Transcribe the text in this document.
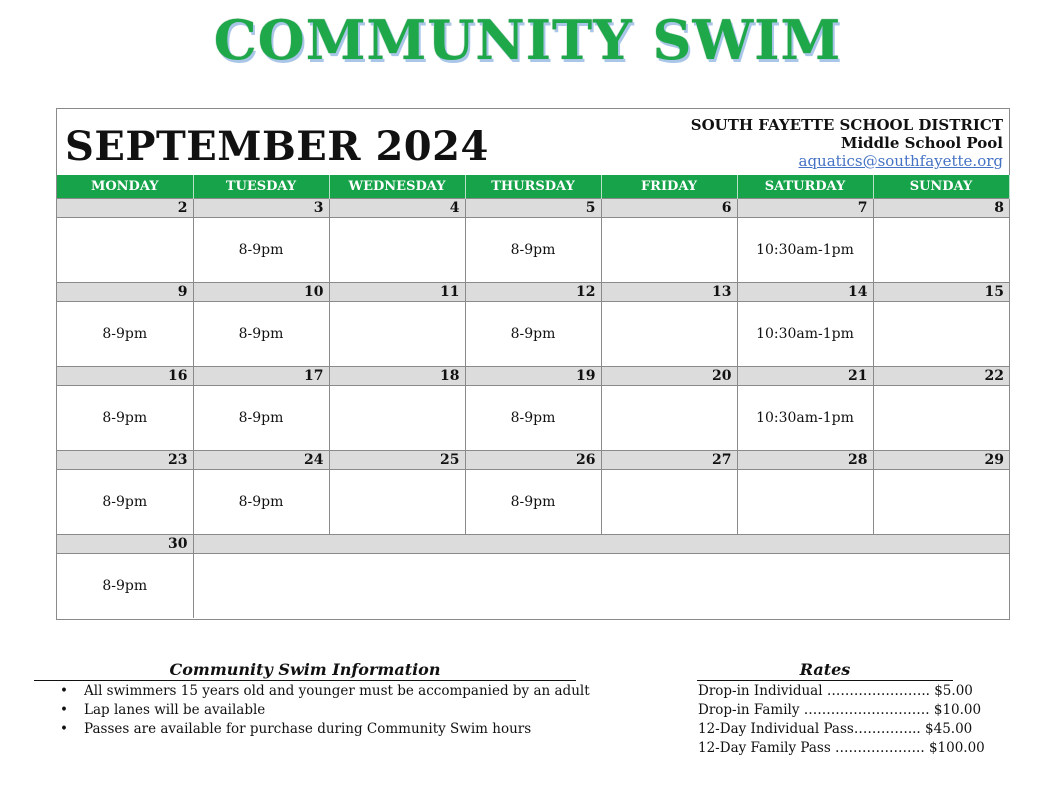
COMMUNITY SWIM
SEPTEMBER 2024	SOUTH FAYETTE SCHOOL DISTRICT
Middle School Pool
aquatics@southfayette.org
MONDAY	TUESDAY	WEDNESDAY	THURSDAY	FRIDAY	SATURDAY	SUNDAY
2	3	4	5	6	7	8
	8-9pm		8-9pm		10:30am-1pm	
9	10	11	12	13	14	15
8-9pm	8-9pm		8-9pm		10:30am-1pm	
16	17	18	19	20	21	22
8-9pm	8-9pm		8-9pm		10:30am-1pm	
23	24	25	26	27	28	29
8-9pm	8-9pm		8-9pm			
30						
8-9pm						
Community Swim Information
• All swimmers 15 years old and younger must be accompanied by an adult
• Lap lanes will be available
• Passes are available for purchase during Community Swim hours
Rates
Drop-in Individual ………………….. $5.00
Drop-in Family ………………………. $10.00
12-Day Individual Pass…………... $45.00
12-Day Family Pass ……………….. $100.00
